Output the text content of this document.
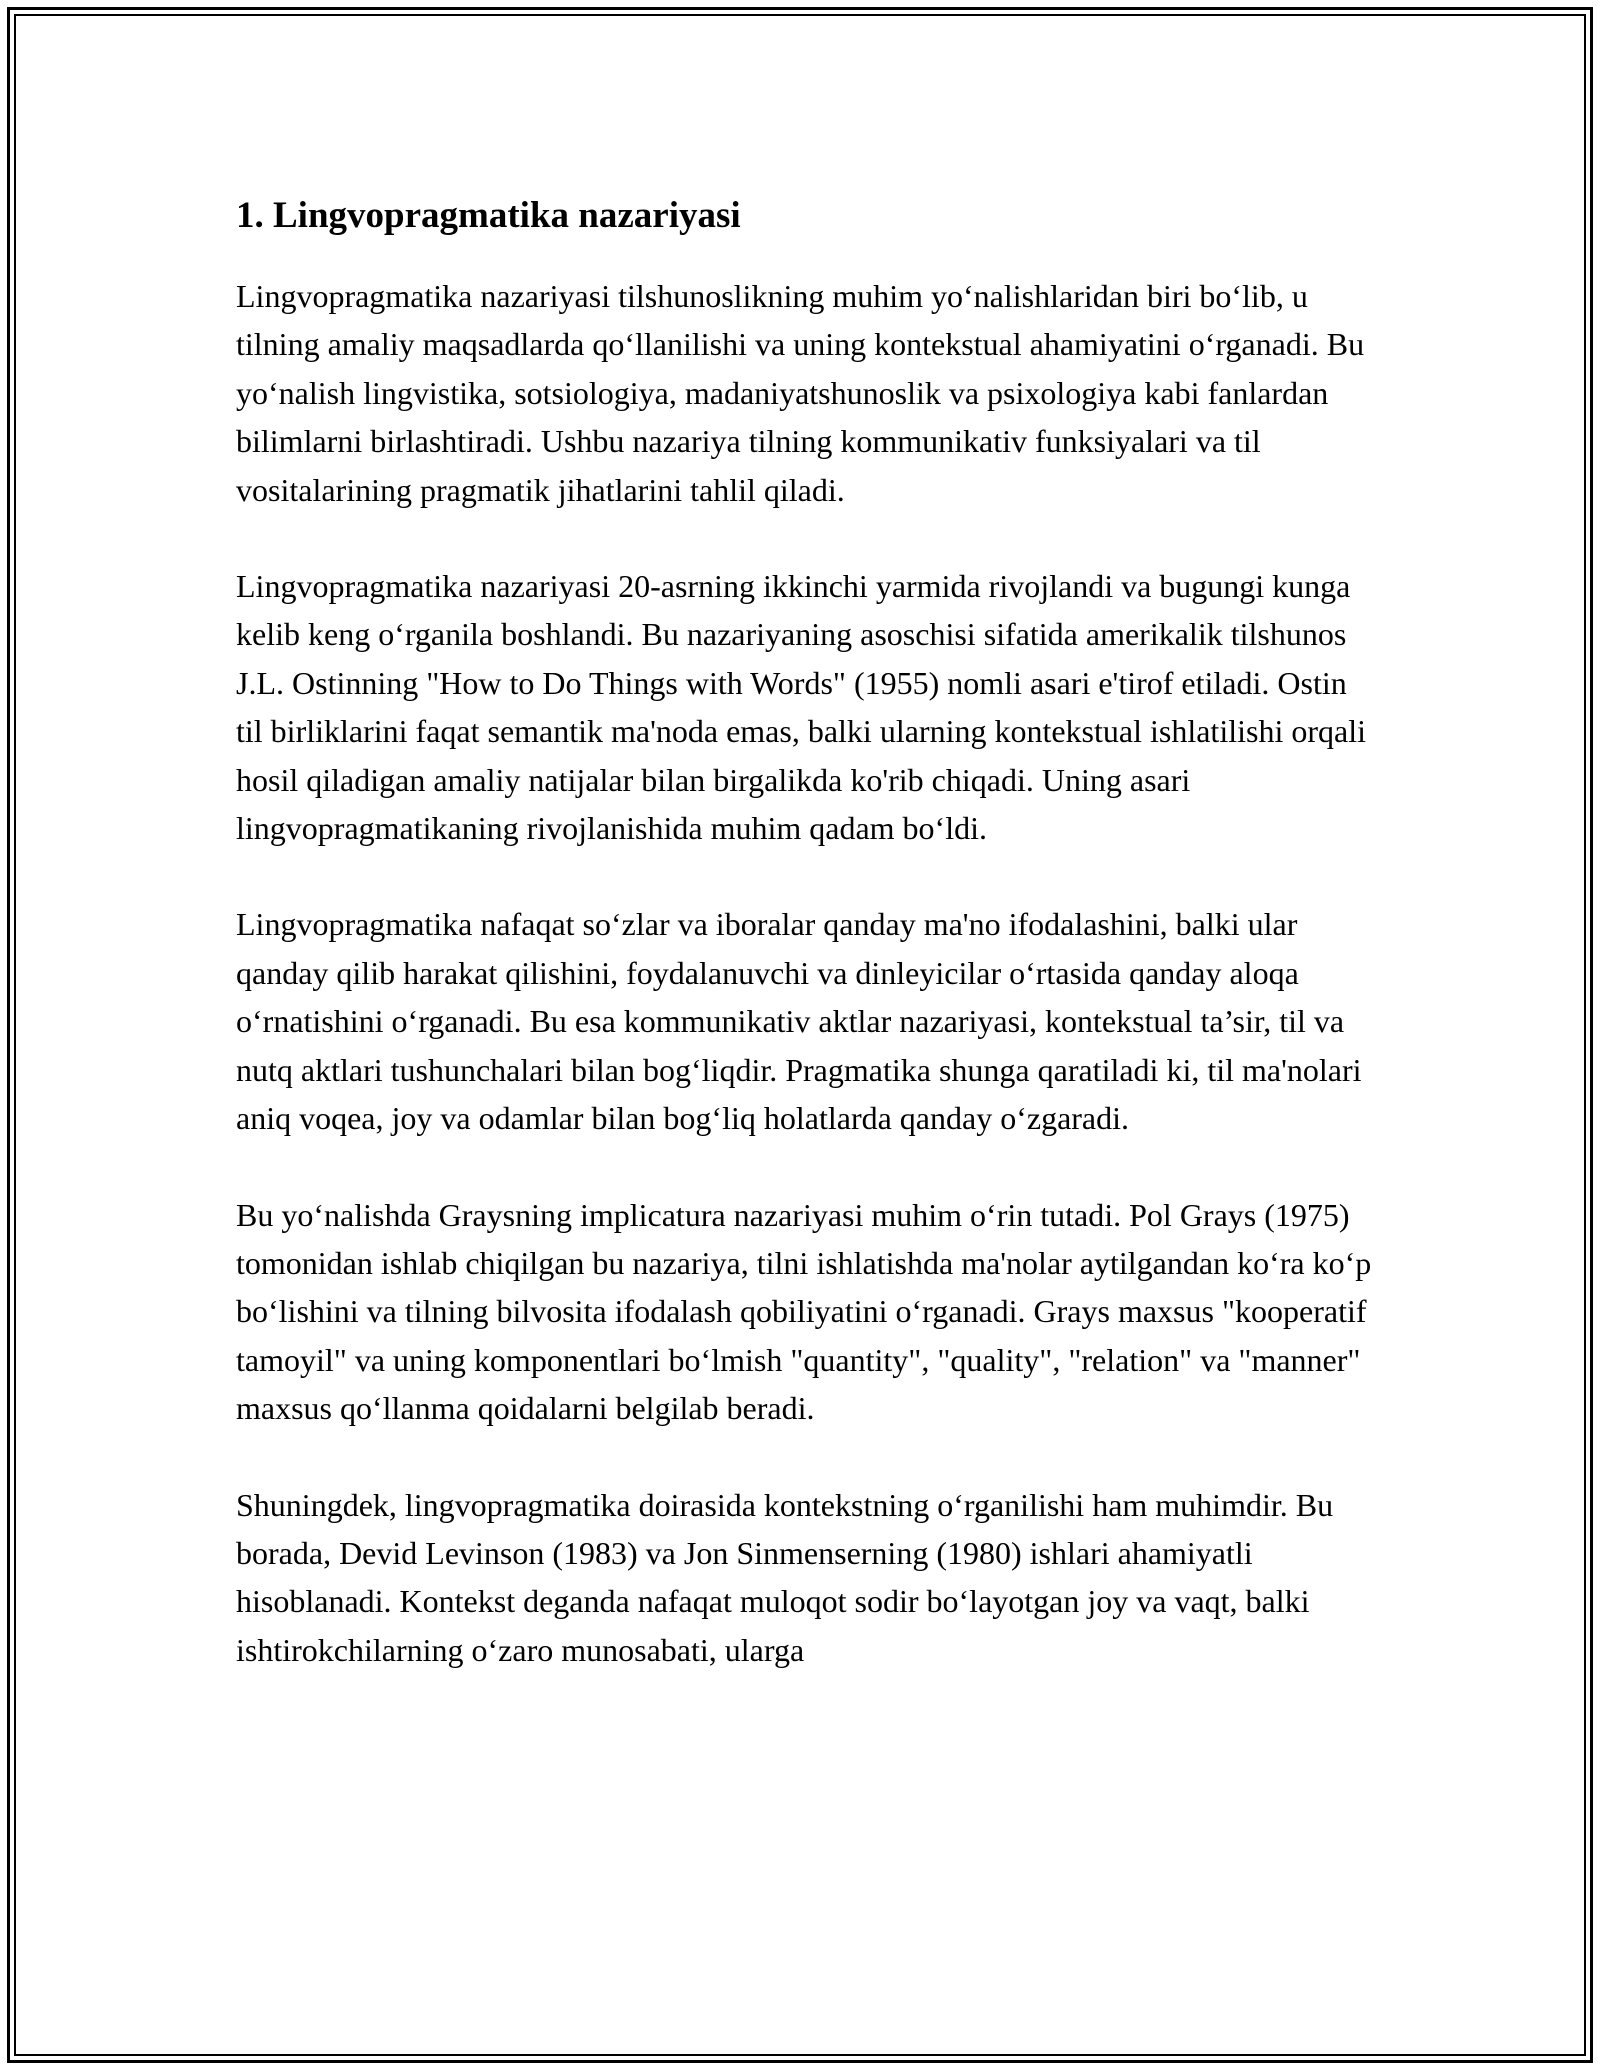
1. Lingvopragmatika nazariyasi

Lingvopragmatika nazariyasi tilshunoslikning muhim yo‘nalishlaridan biri bo‘lib, u tilning amaliy maqsadlarda qo‘llanilishi va uning kontekstual ahamiyatini o‘rganadi. Bu yo‘nalish lingvistika, sotsiologiya, madaniyatshunoslik va psixologiya kabi fanlardan bilimlarni birlashtiradi. Ushbu nazariya tilning kommunikativ funksiyalari va til vositalarining pragmatik jihatlarini tahlil qiladi.

Lingvopragmatika nazariyasi 20-asrning ikkinchi yarmida rivojlandi va bugungi kunga kelib keng o‘rganila boshlandi. Bu nazariyaning asoschisi sifatida amerikalik tilshunos J.L. Ostinning "How to Do Things with Words" (1955) nomli asari e'tirof etiladi. Ostin til birliklarini faqat semantik ma'noda emas, balki ularning kontekstual ishlatilishi orqali hosil qiladigan amaliy natijalar bilan birgalikda ko'rib chiqadi. Uning asari lingvopragmatikaning rivojlanishida muhim qadam bo‘ldi.

Lingvopragmatika nafaqat so‘zlar va iboralar qanday ma'no ifodalashini, balki ular qanday qilib harakat qilishini, foydalanuvchi va dinleyicilar o‘rtasida qanday aloqa o‘rnatishini o‘rganadi. Bu esa kommunikativ aktlar nazariyasi, kontekstual ta’sir, til va nutq aktlari tushunchalari bilan bog‘liqdir. Pragmatika shunga qaratiladi ki, til ma'nolari aniq voqea, joy va odamlar bilan bog‘liq holatlarda qanday o‘zgaradi.

Bu yo‘nalishda Graysning implicatura nazariyasi muhim o‘rin tutadi. Pol Grays (1975) tomonidan ishlab chiqilgan bu nazariya, tilni ishlatishda ma'nolar aytilgandan ko‘ra ko‘p bo‘lishini va tilning bilvosita ifodalash qobiliyatini o‘rganadi. Grays maxsus "kooperatif tamoyil" va uning komponentlari bo‘lmish "quantity", "quality", "relation" va "manner" maxsus qo‘llanma qoidalarni belgilab beradi.

Shuningdek, lingvopragmatika doirasida kontekstning o‘rganilishi ham muhimdir. Bu borada, Devid Levinson (1983) va Jon Sinmenserning (1980) ishlari ahamiyatli hisoblanadi. Kontekst deganda nafaqat muloqot sodir bo‘layotgan joy va vaqt, balki ishtirokchilarning o‘zaro munosabati, ularga
